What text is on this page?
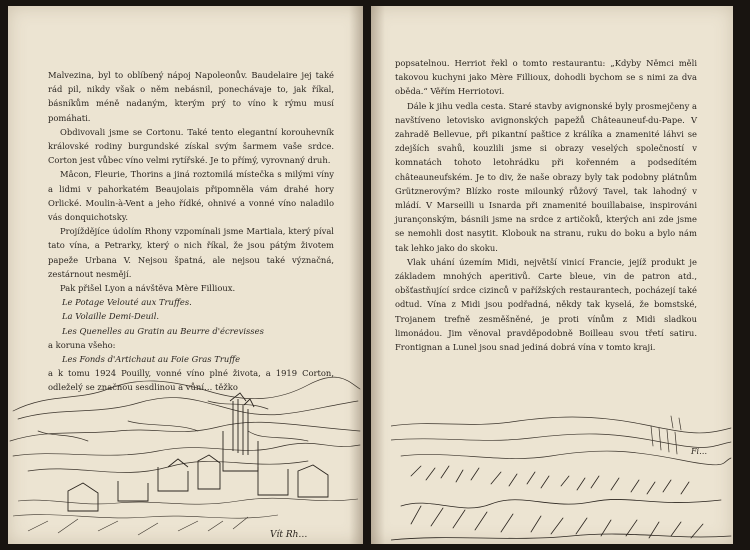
Malvezina, byl to oblíbený nápoj Napoleonův. Baudelaire jej také rád pil, nikdy však o něm nebásnil, ponechávaje to, jak říkal, básníkům méně nadaným, kterým prý to víno k rýmu musí pomáhati.

Obdivovali jsme se Cortonu. Také tento elegantní korouhevník královské rodiny burgundské získal svým šarmem vaše srdce. Corton jest vůbec víno velmi rytířské. Je to přímý, vyrovnaný druh.

Mâcon, Fleurie, Thorins a jiná roztomilá místečka s milými víny a lidmi v pahorkatém Beaujolais připomněla vám drahé hory Orlické. Moulin-à-Vent a jeho řídké, ohnivé a vonné víno naladilo vás donquichotsky.

Projíždějíce údolím Rhony vzpomínali jsme Martiala, který píval tato vína, a Petrarky, který o nich říkal, že jsou pátým životem papeže Urbana V. Nejsou špatná, ale nejsou také význačná, zestárnout nesmějí.

Pak přišel Lyon a návštěva Mère Fillioux.

Le Potage Velouté aux Truffes.

La Volaille Demi-Deuil.

Les Quenelles au Gratin au Beurre d'écrevisses

a koruna všeho:

Les Fonds d'Artichaut au Foie Gras Truffe

a k tomu 1924 Pouilly, vonné víno plné života, a 1919 Corton, odleželý se značnou sesdlinou a vůní… těžko

Vít Rh…

popsatelnou. Herriot řekl o tomto restaurantu: „Kdyby Němci měli takovou kuchyni jako Mère Fillioux, dohodli bychom se s nimi za dva oběda.“ Věřím Herriotovi.

Dále k jihu vedla cesta. Staré stavby avignonské byly prosmejčeny a navštíveno letovisko avignonských papežů Châteauneuf-du-Pape. V zahradě Bellevue, při pikantní paštice z králíka a znamenité láhvi se zdejších svahů, kouzlili jsme si obrazy veselých společností v komnatách tohoto letohrádku při kořenném a podsedítém châteauneufském. Je to div, že naše obrazy byly tak podobny plátnům Grütznerovým? Blízko roste milounký růžový Tavel, tak lahodný v mládí. V Marseilli u Isnarda při znamenité bouillabaise, inspirováni jurançonským, básnili jsme na srdce z artičoků, kterých ani zde jsme se nemohli dost nasytit. Klobouk na stranu, ruku do boku a bylo nám tak lehko jako do skoku.

Vlak uhání územím Midi, největší vinicí Francie, jejíž produkt je základem mnohých aperitivů. Carte bleue, vin de patron atd., obšťastňující srdce cizinců v pařížských restaurantech, pocházejí také odtud. Vína z Midi jsou podřadná, někdy tak kyselá, že bomstské, Trojanem trefně zesměšněné, je proti vínům z Midi sladkou limonádou. Jim věnoval pravděpodobně Boilleau svou třetí satiru. Frontignan a Lunel jsou snad jediná dobrá vína v tomto kraji.

Fi…
